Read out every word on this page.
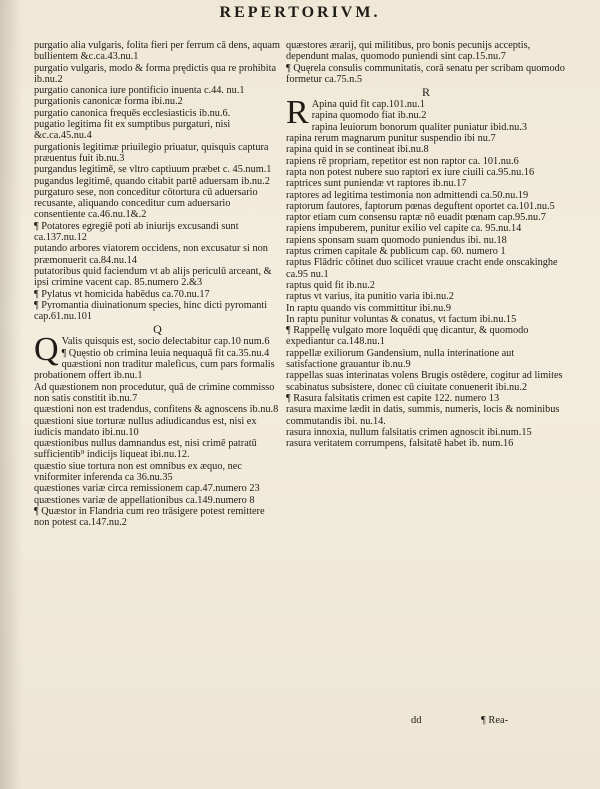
REPERTORIVM.

purgatio alia vulgaris, folita fieri per ferrum cā dens, aquam bullientem &c.ca.43.nu.1

purgatio vulgaris, modo & forma prędictis qua re prohibita ib.nu.2

purgatio canonica iure pontificio inuenta c.44. nu.1

purgationis canonicæ forma ibi.nu.2

purgatio canonica frequēs ecclesiasticis ib.nu.6.

pugatio legitima fit ex sumptibus purgaturi, nisi &c.ca.45.nu.4

purgationis legitimæ priuilegio priuatur, quisquis captura præuentus fuit ib.nu.3

purgandus legitimē, se vltro captiuum præbet c. 45.num.1

pugandus legitimē, quando citabit partē aduersam ib.nu.2

purgaturo sese, non conceditur cōtortura cū aduersario recusante, aliquando conceditur cum aduersario consentiente ca.46.nu.1&.2

¶ Potatores egregiē poti ab iniurijs excusandi sunt ca.137.nu.12

putando arbores viatorem occidens, non excusatur si non præmonuerit ca.84.nu.14

putatoribus quid faciendum vt ab alijs periculū arceant, & ipsi crimine vacent cap. 85.numero 2.&3

¶ Pylatus vt homicida habēdus ca.70.nu.17

¶ Pyromantia diuinationum species, hinc dicti pyromanti cap.61.nu.101

Q

Q Valis quisquis est, socio delectabitur cap.10 num.6

¶ Quęstio ob crimina leuia nequaquā fit ca.35.nu.4

quæstioni non traditur maleficus, cum pars formalis probationem offert ib.nu.1

Ad quæstionem non procedutur, quā de crimine commisso non satis constitit ib.nu.7

quæstioni non est tradendus, confitens & agnoscens ib.nu.8

quæstioni siue torturæ nullus adiudicandus est, nisi ex iudicis mandato ibi.nu.10

quæstionibus nullus damnandus est, nisi crimē patratū sufficientib⁹ indicijs liqueat ibi.nu.12.

quæstio siue tortura non est omnibus ex æquo, nec vniformiter inferenda ca 36.nu.35

quæstiones variæ circa remissionem cap.47.numero 23

quæstiones variæ de appellationibus ca.149.numero 8

¶ Quæstor in Flandria cum reo trāsigere potest remittere non potest ca.147.nu.2

quæstores ærarij, qui militibus, pro bonis pecunijs acceptis, dependunt malas, quomodo puniendi sint cap.15.nu.7

¶ Quęrela consulis communitatis, corā senatu per scribam quomodo formetur ca.75.n.5

R

R Apina quid fit cap.101.nu.1

rapina quomodo fiat ib.nu.2

rapina leuiorum bonorum qualiter puniatur ibid.nu.3

rapina rerum magnarum punitur suspendio ibi nu.7

rapina quid in se contineat ibi.nu.8

rapiens rē propriam, repetitor est non raptor ca. 101.nu.6

rapta non potest nubere suo raptori ex iure ciuili ca.95.nu.16

raptrices sunt puniendæ vt raptores ib.nu.17

raptores ad legitima testimonia non admittendi ca.50.nu.19

raptorum fautores, faptorum pœnas deguftent oportet ca.101.nu.5

raptor etiam cum consensu raptæ nō euadit pœnam cap.95.nu.7

rapiens impuberem, punitur exilio vel capite ca. 95.nu.14

rapiens sponsam suam quomodo puniendus ibi. nu.18

raptus crimen capitale & publicum cap. 60. numero 1

raptus Flādric cōtinet duo scilicet vrauue cracht ende onscakinghe ca.95 nu.1

raptus quid fit ib.nu.2

raptus vt varius, ita punitio varia ibi.nu.2

In raptu quando vis committitur ibi.nu.9

In raptu punitur voluntas & conatus, vt factum ibi.nu.15

¶ Rappellę vulgato more loquēdi quę dicantur, & quomodo expediantur ca.148.nu.1

rappellæ exiliorum Gandensium, nulla interinatione aut satisfactione grauantur ib.nu.9

rappellas suas interinatas volens Brugis ostēdere, cogitur ad limites scabinatus subsistere, donec cū ciuitate conuenerit ibi.nu.2

¶ Rasura falsitatis crimen est capite 122. numero 13

rasura maxime lædit in datis, summis, numeris, locis & nominibus commutandis ibi. nu.14.

rasura innoxia, nullum falsitatis crimen agnoscit ibi.num.15

rasura veritatem corrumpens, falsitatē habet ib. num.16

dd	¶ Rea-
